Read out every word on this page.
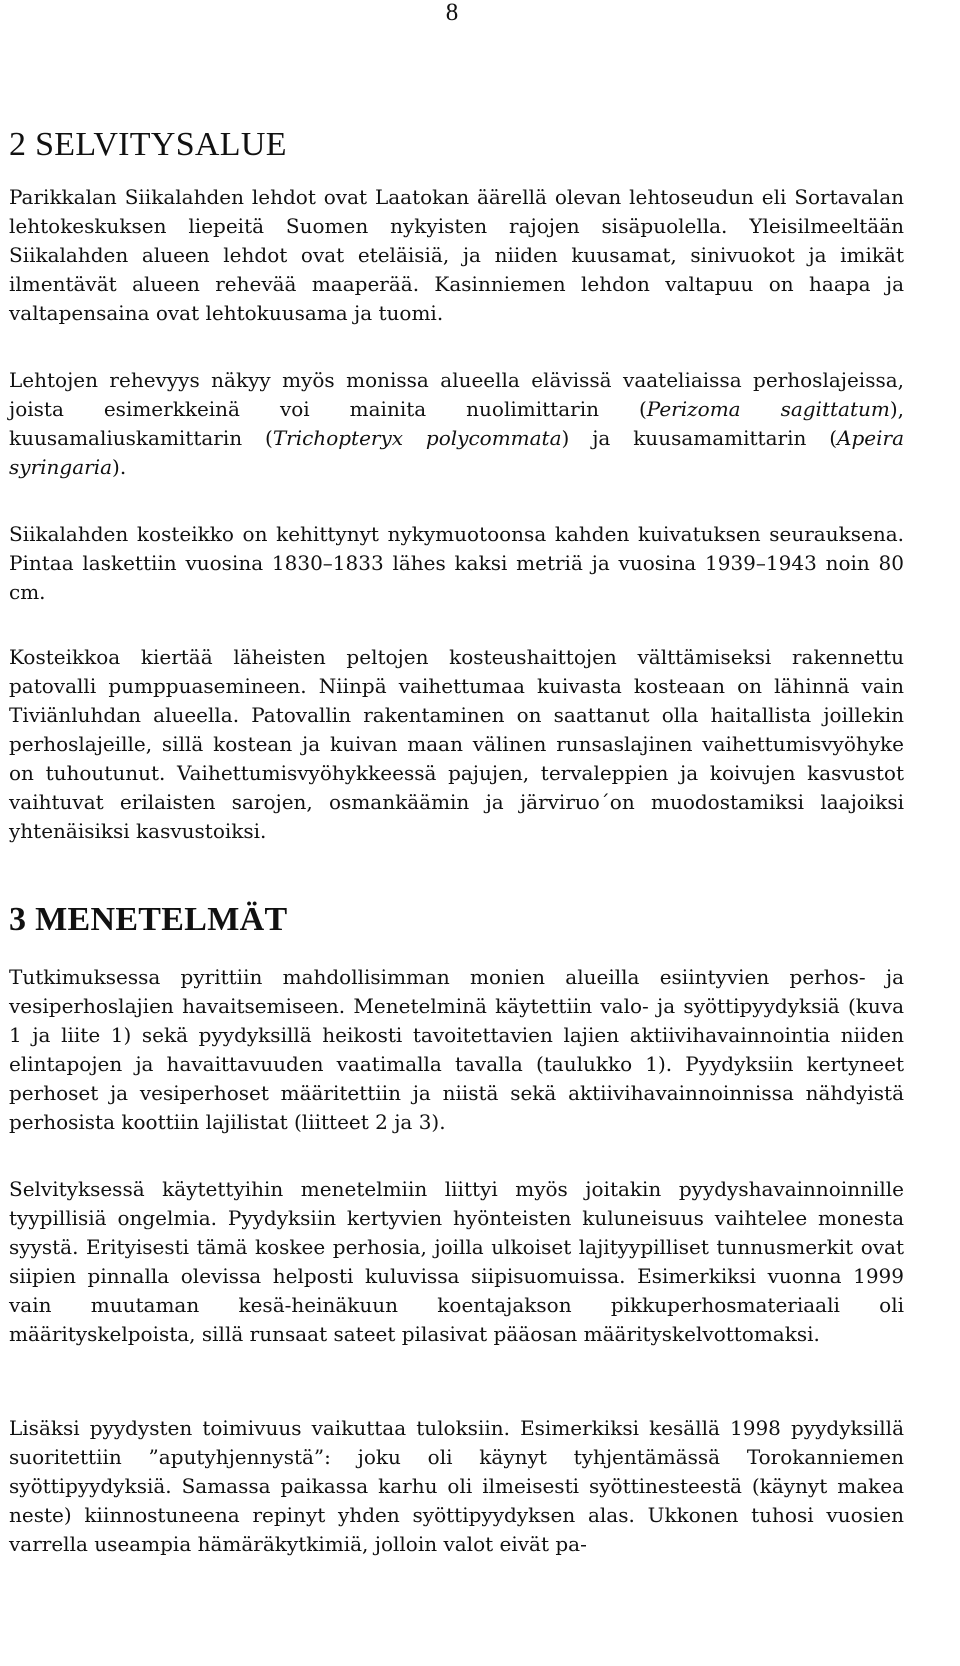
8
2 SELVITYSALUE

Parikkalan Siikalahden lehdot ovat Laatokan äärellä olevan lehtoseudun eli Sortavalan lehtokeskuksen liepeitä Suomen nykyisten rajojen sisäpuolella. Yleisilmeeltään Siikalahden alueen lehdot ovat eteläisiä, ja niiden kuusamat, sinivuokot ja imikät ilmentävät alueen rehevää maaperää. Kasinniemen lehdon valtapuu on haapa ja valtapensaina ovat lehtokuusama ja tuomi.

Lehtojen rehevyys näkyy myös monissa alueella elävissä vaateliaissa perhoslajeissa, joista esimerkkeinä voi mainita nuolimittarin (Perizoma sagittatum), kuusamaliuskamittarin (Trichopteryx polycommata) ja kuusamamittarin (Apeira syringaria).

Siikalahden kosteikko on kehittynyt nykymuotoonsa kahden kuivatuksen seurauksena. Pintaa laskettiin vuosina 1830–1833 lähes kaksi metriä ja vuosina 1939–1943 noin 80 cm.

Kosteikkoa kiertää läheisten peltojen kosteushaittojen välttämiseksi rakennettu patovalli pumppuasemineen. Niinpä vaihettumaa kuivasta kosteaan on lähinnä vain Tiviänluhdan alueella. Patovallin rakentaminen on saattanut olla haitallista joillekin perhoslajeille, sillä kostean ja kuivan maan välinen runsaslajinen vaihettumisvyöhyke on tuhoutunut. Vaihettumisvyöhykkeessä pajujen, tervaleppien ja koivujen kasvustot vaihtuvat erilaisten sarojen, osmankäämin ja järviruo´on muodostamiksi laajoiksi yhtenäisiksi kasvustoiksi.

3 MENETELMÄT

Tutkimuksessa pyrittiin mahdollisimman monien alueilla esiintyvien perhos- ja vesiperhoslajien havaitsemiseen. Menetelminä käytettiin valo- ja syöttipyydyksiä (kuva 1 ja liite 1) sekä pyydyksillä heikosti tavoitettavien lajien aktiivihavainnointia niiden elintapojen ja havaittavuuden vaatimalla tavalla (taulukko 1). Pyydyksiin kertyneet perhoset ja vesiperhoset määritettiin ja niistä sekä aktiivihavainnoinnissa nähdyistä perhosista koottiin lajilistat (liitteet 2 ja 3).

Selvityksessä käytettyihin menetelmiin liittyi myös joitakin pyydyshavainnoinnille tyypillisiä ongelmia. Pyydyksiin kertyvien hyönteisten kuluneisuus vaihtelee monesta syystä. Erityisesti tämä koskee perhosia, joilla ulkoiset lajityypilliset tunnusmerkit ovat siipien pinnalla olevissa helposti kuluvissa siipisuomuissa. Esimerkiksi vuonna 1999 vain muutaman kesä-heinäkuun koentajakson pikkuperhosmateriaali oli määrityskelpoista, sillä runsaat sateet pilasivat pääosan määrityskelvottomaksi.

Lisäksi pyydysten toimivuus vaikuttaa tuloksiin. Esimerkiksi kesällä 1998 pyydyksillä suoritettiin ”aputyhjennystä”: joku oli käynyt tyhjentämässä Torokanniemen syöttipyydyksiä. Samassa paikassa karhu oli ilmeisesti syöttinesteestä (käynyt makea neste) kiinnostuneena repinyt yhden syöttipyydyksen alas. Ukkonen tuhosi vuosien varrella useampia hämäräkytkimiä, jolloin valot eivät pa-
